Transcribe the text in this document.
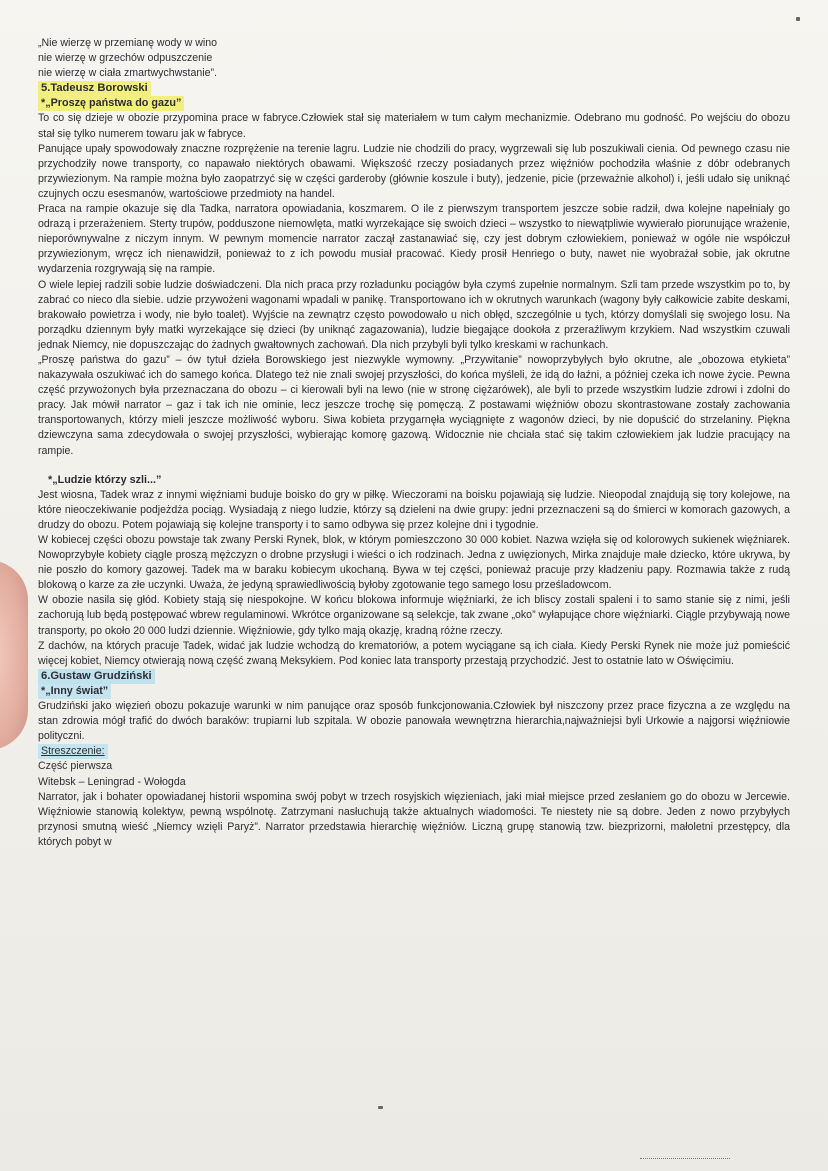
„Nie wierzę w przemianę wody w wino
nie wierzę w grzechów odpuszczenie
nie wierzę w ciała zmartwychwstanie”.
5.Tadeusz Borowski
*„Proszę państwa do gazu”

To co się dzieje w obozie przypomina prace w fabryce.Człowiek stał się materiałem w tum całym mechanizmie. Odebrano mu godność. Po wejściu do obozu stał się tylko numerem towaru jak w fabryce.

Panujące upały spowodowały znaczne rozprężenie na terenie lagru. Ludzie nie chodzili do pracy, wygrzewali się lub poszukiwali cienia. Od pewnego czasu nie przychodziły nowe transporty, co napawało niektórych obawami. Większość rzeczy posiadanych przez więźniów pochodziła właśnie z dóbr odebranych przywiezionym. Na rampie można było zaopatrzyć się w części garderoby (głównie koszule i buty), jedzenie, picie (przeważnie alkohol) i, jeśli udało się uniknąć czujnych oczu esesmanów, wartościowe przedmioty na handel.

Praca na rampie okazuje się dla Tadka, narratora opowiadania, koszmarem. O ile z pierwszym transportem jeszcze sobie radził, dwa kolejne napełniały go odrazą i przerażeniem. Sterty trupów, podduszone niemowlęta, matki wyrzekające się swoich dzieci – wszystko to niewątpliwie wywierało piorunujące wrażenie, nieporównywalne z niczym innym. W pewnym momencie narrator zaczął zastanawiać się, czy jest dobrym człowiekiem, ponieważ w ogóle nie współczuł przywiezionym, wręcz ich nienawidził, ponieważ to z ich powodu musiał pracować. Kiedy prosił Henriego o buty, nawet nie wyobrażał sobie, jak okrutne wydarzenia rozgrywają się na rampie.

O wiele lepiej radzili sobie ludzie doświadczeni. Dla nich praca przy rozładunku pociągów była czymś zupełnie normalnym. Szli tam przede wszystkim po to, by zabrać co nieco dla siebie. udzie przywożeni wagonami wpadali w panikę. Transportowano ich w okrutnych warunkach (wagony były całkowicie zabite deskami, brakowało powietrza i wody, nie było toalet). Wyjście na zewnątrz często powodowało u nich obłęd, szczególnie u tych, którzy domyślali się swojego losu. Na porządku dziennym były matki wyrzekające się dzieci (by uniknąć zagazowania), ludzie biegające dookoła z przeraźliwym krzykiem. Nad wszystkim czuwali jednak Niemcy, nie dopuszczając do żadnych gwałtownych zachowań. Dla nich przybyli byli tylko kreskami w rachunkach.

„Proszę państwa do gazu” – ów tytuł dzieła Borowskiego jest niezwykle wymowny. „Przywitanie” nowoprzybyłych było okrutne, ale „obozowa etykieta” nakazywała oszukiwać ich do samego końca. Dlatego też nie znali swojej przyszłości, do końca myśleli, że idą do łaźni, a później czeka ich nowe życie. Pewna część przywożonych była przeznaczana do obozu – ci kierowali byli na lewo (nie w stronę ciężarówek), ale byli to przede wszystkim ludzie zdrowi i zdolni do pracy. Jak mówił narrator – gaz i tak ich nie ominie, lecz jeszcze trochę się pomęczą. Z postawami więźniów obozu skontrastowane zostały zachowania transportowanych, którzy mieli jeszcze możliwość wyboru. Siwa kobieta przygarnęła wyciągnięte z wagonów dzieci, by nie dopuścić do strzelaniny. Piękna dziewczyna sama zdecydowała o swojej przyszłości, wybierając komorę gazową. Widocznie nie chciała stać się takim człowiekiem jak ludzie pracujący na rampie.

*„Ludzie którzy szli...”

Jest wiosna, Tadek wraz z innymi więźniami buduje boisko do gry w piłkę. Wieczorami na boisku pojawiają się ludzie. Nieopodal znajdują się tory kolejowe, na które nieoczekiwanie podjeżdża pociąg. Wysiadają z niego ludzie, którzy są dzieleni na dwie grupy: jedni przeznaczeni są do śmierci w komorach gazowych, a drudzy do obozu. Potem pojawiają się kolejne transporty i to samo odbywa się przez kolejne dni i tygodnie.

W kobiecej części obozu powstaje tak zwany Perski Rynek, blok, w którym pomieszczono 30 000 kobiet. Nazwa wzięła się od kolorowych sukienek więźniarek. Nowoprzybyłe kobiety ciągle proszą mężczyzn o drobne przysługi i wieści o ich rodzinach. Jedna z uwięzionych, Mirka znajduje małe dziecko, które ukrywa, by nie poszło do komory gazowej. Tadek ma w baraku kobiecym ukochaną. Bywa w tej części, ponieważ pracuje przy kładzeniu papy. Rozmawia także z rudą blokową o karze za złe uczynki. Uważa, że jedyną sprawiedliwością byłoby zgotowanie tego samego losu prześladowcom.

W obozie nasila się głód. Kobiety stają się niespokojne. W końcu blokowa informuje więźniarki, że ich bliscy zostali spaleni i to samo stanie się z nimi, jeśli zachorują lub będą postępować wbrew regulaminowi. Wkrótce organizowane są selekcje, tak zwane „oko” wyłapujące chore więźniarki. Ciągle przybywają nowe transporty, po około 20 000 ludzi dziennie. Więźniowie, gdy tylko mają okazję, kradną różne rzeczy.

Z dachów, na których pracuje Tadek, widać jak ludzie wchodzą do krematoriów, a potem wyciągane są ich ciała. Kiedy Perski Rynek nie może już pomieścić więcej kobiet, Niemcy otwierają nową część zwaną Meksykiem. Pod koniec lata transporty przestają przychodzić. Jest to ostatnie lato w Oświęcimiu.

6.Gustaw Grudziński
*„Inny świat”

Grudziński jako więzień obozu pokazuje warunki w nim panujące oraz sposób funkcjonowania.Człowiek był niszczony przez prace fizyczna a ze względu na stan zdrowia mógł trafić do dwóch baraków: trupiarni lub szpitala. W obozie panowała wewnętrzna hierarchia,najważniejsi byli Urkowie a najgorsi więźniowie polityczni.

Streszczenie:
Część pierwsza
Witebsk – Leningrad - Wołogda

Narrator, jak i bohater opowiadanej historii wspomina swój pobyt w trzech rosyjskich więzieniach, jaki miał miejsce przed zesłaniem go do obozu w Jercewie. Więźniowie stanowią kolektyw, pewną wspólnotę. Zatrzymani nasłuchują także aktualnych wiadomości. Te niestety nie są dobre. Jeden z nowo przybyłych przynosi smutną wieść „Niemcy wzięli Paryż”. Narrator przedstawia hierarchię więźniów. Liczną grupę stanowią tzw. biezprizorni, małoletni przestępcy, dla których pobyt w
